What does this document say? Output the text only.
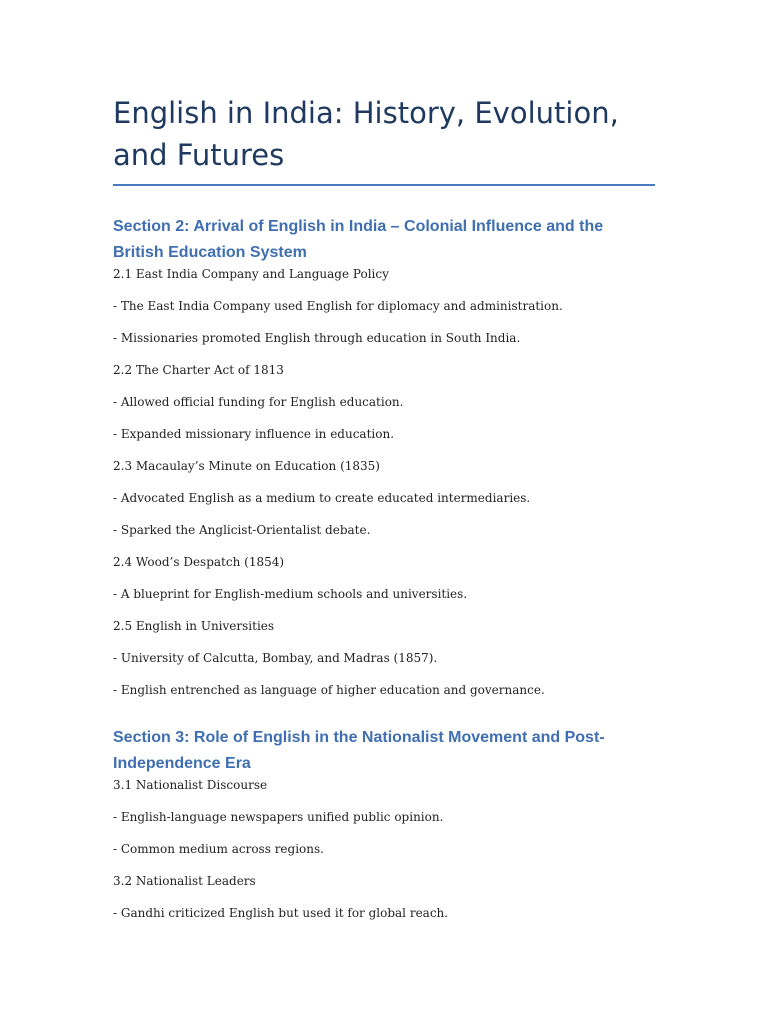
English in India: History, Evolution, and Futures
Section 2: Arrival of English in India – Colonial Influence and the British Education System

2.1 East India Company and Language Policy

- The East India Company used English for diplomacy and administration.

- Missionaries promoted English through education in South India.

2.2 The Charter Act of 1813

- Allowed official funding for English education.

- Expanded missionary influence in education.

2.3 Macaulay’s Minute on Education (1835)

- Advocated English as a medium to create educated intermediaries.

- Sparked the Anglicist-Orientalist debate.

2.4 Wood’s Despatch (1854)

- A blueprint for English-medium schools and universities.

2.5 English in Universities

- University of Calcutta, Bombay, and Madras (1857).

- English entrenched as language of higher education and governance.

Section 3: Role of English in the Nationalist Movement and Post-Independence Era

3.1 Nationalist Discourse

- English-language newspapers unified public opinion.

- Common medium across regions.

3.2 Nationalist Leaders

- Gandhi criticized English but used it for global reach.
